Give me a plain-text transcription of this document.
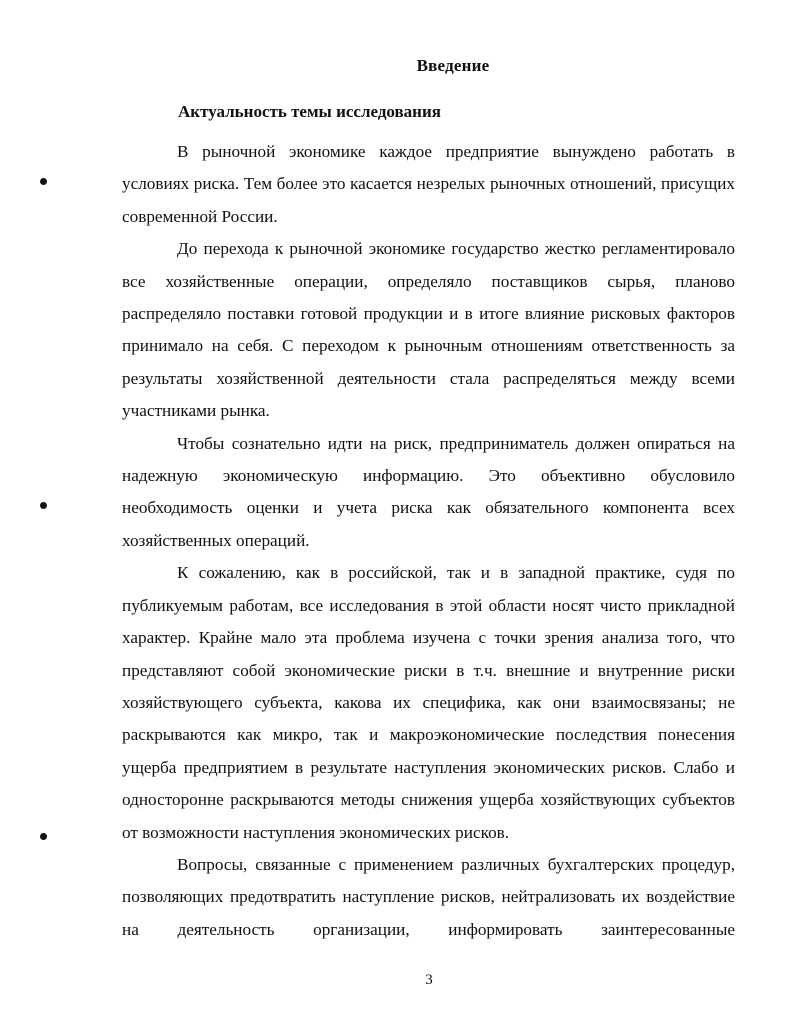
Введение
Актуальность темы исследования

В рыночной экономике каждое предприятие вынуждено работать в условиях риска. Тем более это касается незрелых рыночных отношений, присущих современной России.

До перехода к рыночной экономике государство жестко регламентировало все хозяйственные операции, определяло поставщиков сырья, планово распределяло поставки готовой продукции и в итоге влияние рисковых факторов принимало на себя. С переходом к рыночным отношениям ответственность за результаты хозяйственной деятельности стала распределяться между всеми участниками рынка.

Чтобы сознательно идти на риск, предприниматель должен опираться на надежную экономическую информацию. Это объективно обусловило необходимость оценки и учета риска как обязательного компонента всех хозяйственных операций.

К сожалению, как в российской, так и в западной практике, судя по публикуемым работам, все исследования в этой области носят чисто прикладной характер. Крайне мало эта проблема изучена с точки зрения анализа того, что представляют собой экономические риски в т.ч. внешние и внутренние риски хозяйствующего субъекта, какова их специфика, как они взаимосвязаны; не раскрываются как микро, так и макроэкономические последствия понесения ущерба предприятием в результате наступления экономических рисков. Слабо и односторонне раскрываются методы снижения ущерба хозяйствующих субъектов от возможности наступления экономических рисков.

Вопросы, связанные с применением различных бухгалтерских процедур, позволяющих предотвратить наступление рисков, нейтрализовать их воздействие на деятельность организации, информировать заинтересованные

3
